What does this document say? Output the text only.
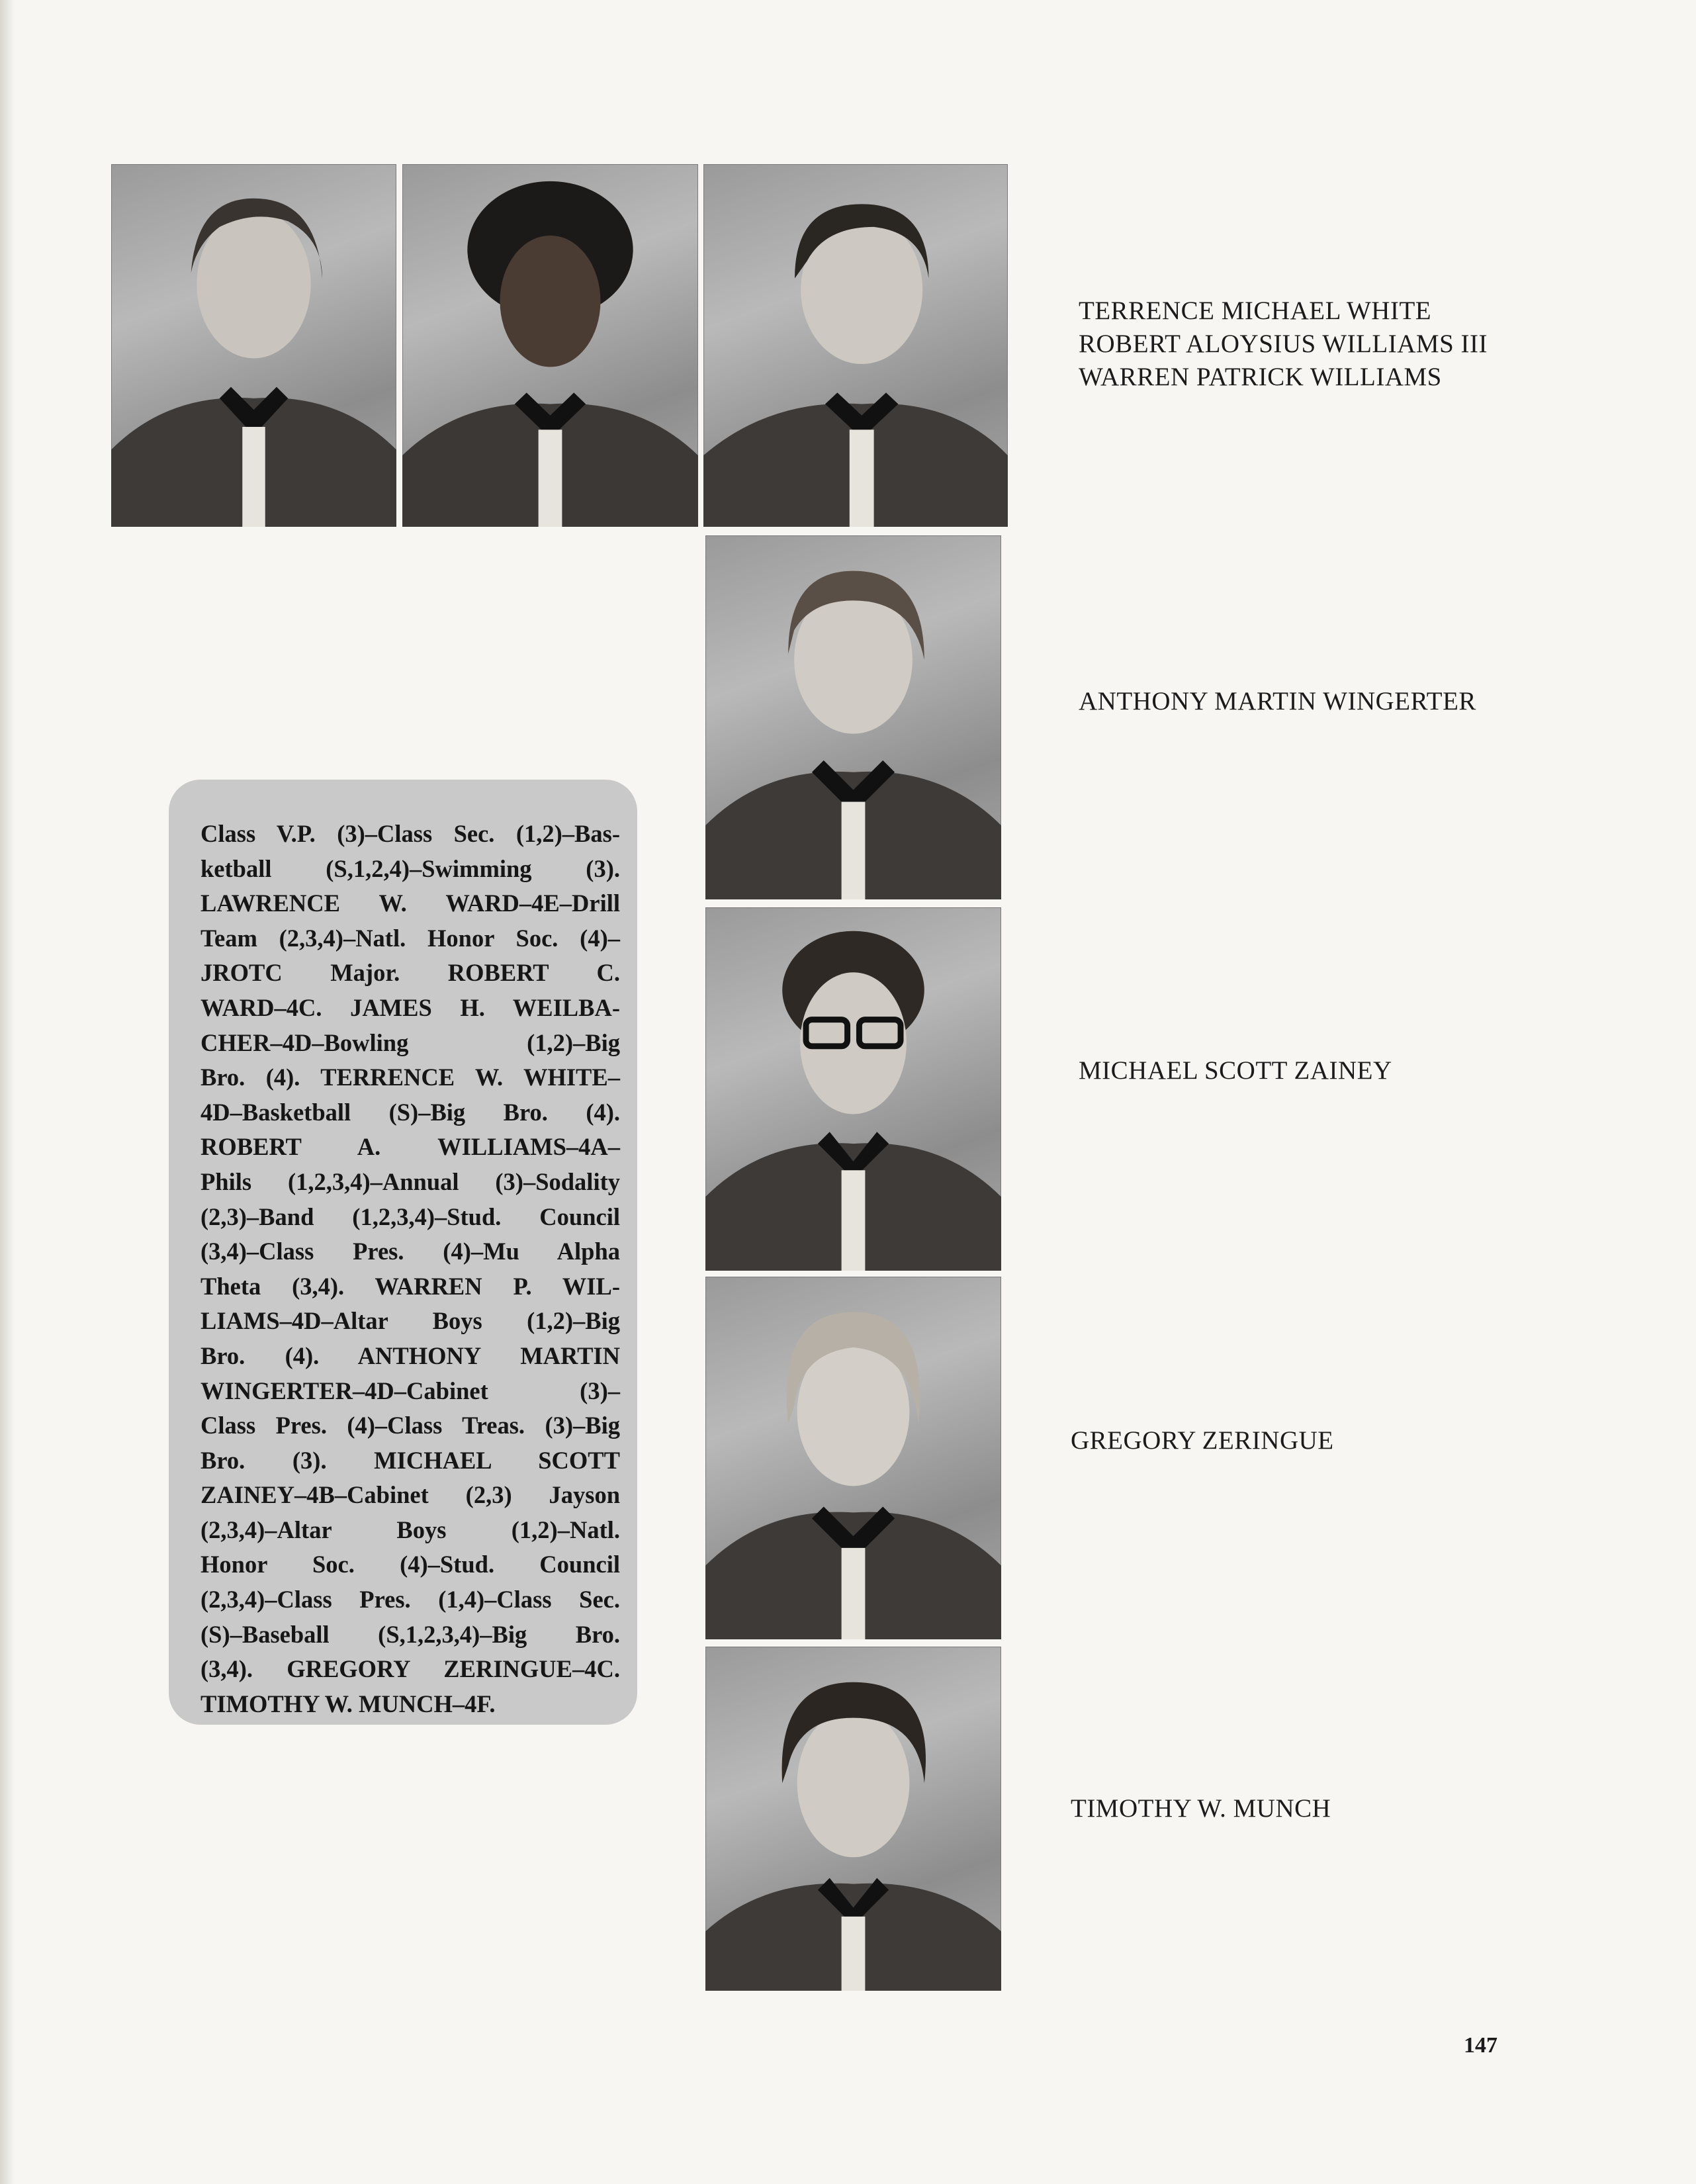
TERRENCE MICHAEL WHITE
ROBERT ALOYSIUS WILLIAMS III
WARREN PATRICK WILLIAMS
ANTHONY MARTIN WINGERTER
MICHAEL SCOTT ZAINEY
GREGORY ZERINGUE
TIMOTHY W. MUNCH
Class V.P. (3)–Class Sec. (1,2)–Bas-
ketball (S,1,2,4)–Swimming (3).
LAWRENCE W. WARD–4E–Drill
Team (2,3,4)–Natl. Honor Soc. (4)–
JROTC Major. ROBERT C.
WARD–4C. JAMES H. WEILBA-
CHER–4D–Bowling (1,2)–Big
Bro. (4). TERRENCE W. WHITE–
4D–Basketball (S)–Big Bro. (4).
ROBERT A. WILLIAMS–4A–
Phils (1,2,3,4)–Annual (3)–Sodality
(2,3)–Band (1,2,3,4)–Stud. Council
(3,4)–Class Pres. (4)–Mu Alpha
Theta (3,4). WARREN P. WIL-
LIAMS–4D–Altar Boys (1,2)–Big
Bro. (4). ANTHONY MARTIN
WINGERTER–4D–Cabinet (3)–
Class Pres. (4)–Class Treas. (3)–Big
Bro. (3). MICHAEL SCOTT
ZAINEY–4B–Cabinet (2,3) Jayson
(2,3,4)–Altar Boys (1,2)–Natl.
Honor Soc. (4)–Stud. Council
(2,3,4)–Class Pres. (1,4)–Class Sec.
(S)–Baseball (S,1,2,3,4)–Big Bro.
(3,4). GREGORY ZERINGUE–4C.
TIMOTHY W. MUNCH–4F.
147
